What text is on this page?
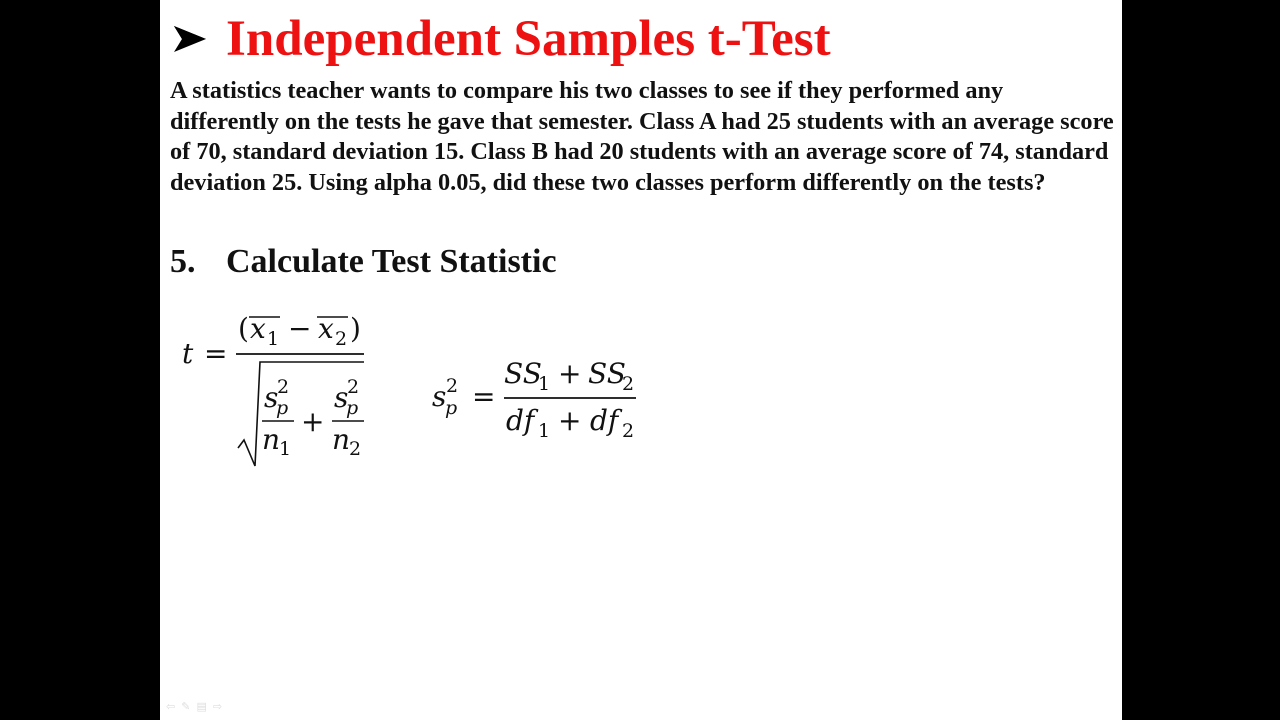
Independent Samples t-Test

A statistics teacher wants to compare his two classes to see if they performed any differently on the tests he gave that semester. Class A had 25 students with an average score of 70, standard deviation 15. Class B had 20 students with an average score of 74, standard deviation 25. Using alpha 0.05, did these two classes perform differently on the tests?

5. Calculate Test Statistic
t =
( x 1 − x 2 )
s
p
2
n
1
+
s
p
2
n
2
s
p
2 =
SS
1 + SS
2
df 1 + df 2
⇦ ✎ ▤ ⇨
